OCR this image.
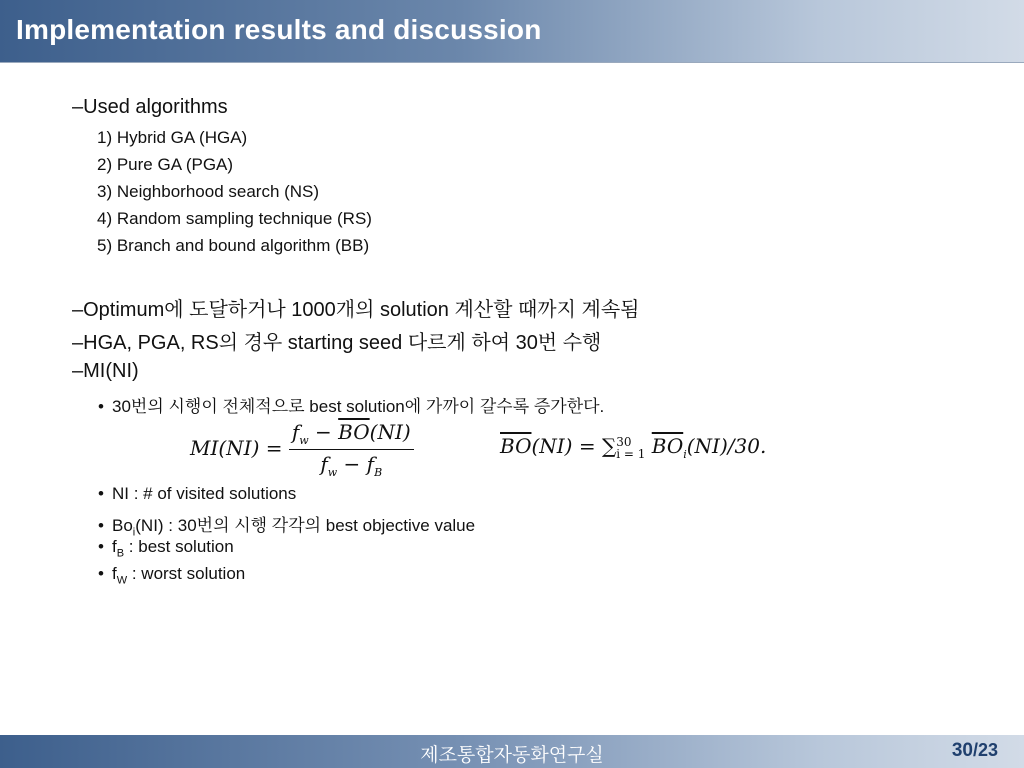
Implementation results and discussion
–Used algorithms
1) Hybrid GA (HGA)
2) Pure GA (PGA)
3) Neighborhood search (NS)
4) Random sampling technique (RS)
5) Branch and bound algorithm (BB)
–Optimum에 도달하거나 1000개의 solution 계산할 때까지 계속됨
–HGA, PGA, RS의 경우 starting seed 다르게 하여 30번 수행
–MI(NI)
• 30번의 시행이 전체적으로 best solution에 가까이 갈수록 증가한다.
$MI(NI) = \frac{f_w - \overline{BO}(NI)}{f_w - f_B}$	$\overline{BO}(NI)$ = ∑ 30
i = 1 $\overline{BO}_i(NI)/30$.
• NI : # of visited solutions
• $Bo_i(NI)$ : 30번의 시행 각각의 best objective value
• $f_B$ : best solution
• $f_W$ : worst solution
제조통합자동화연구실	30/23
